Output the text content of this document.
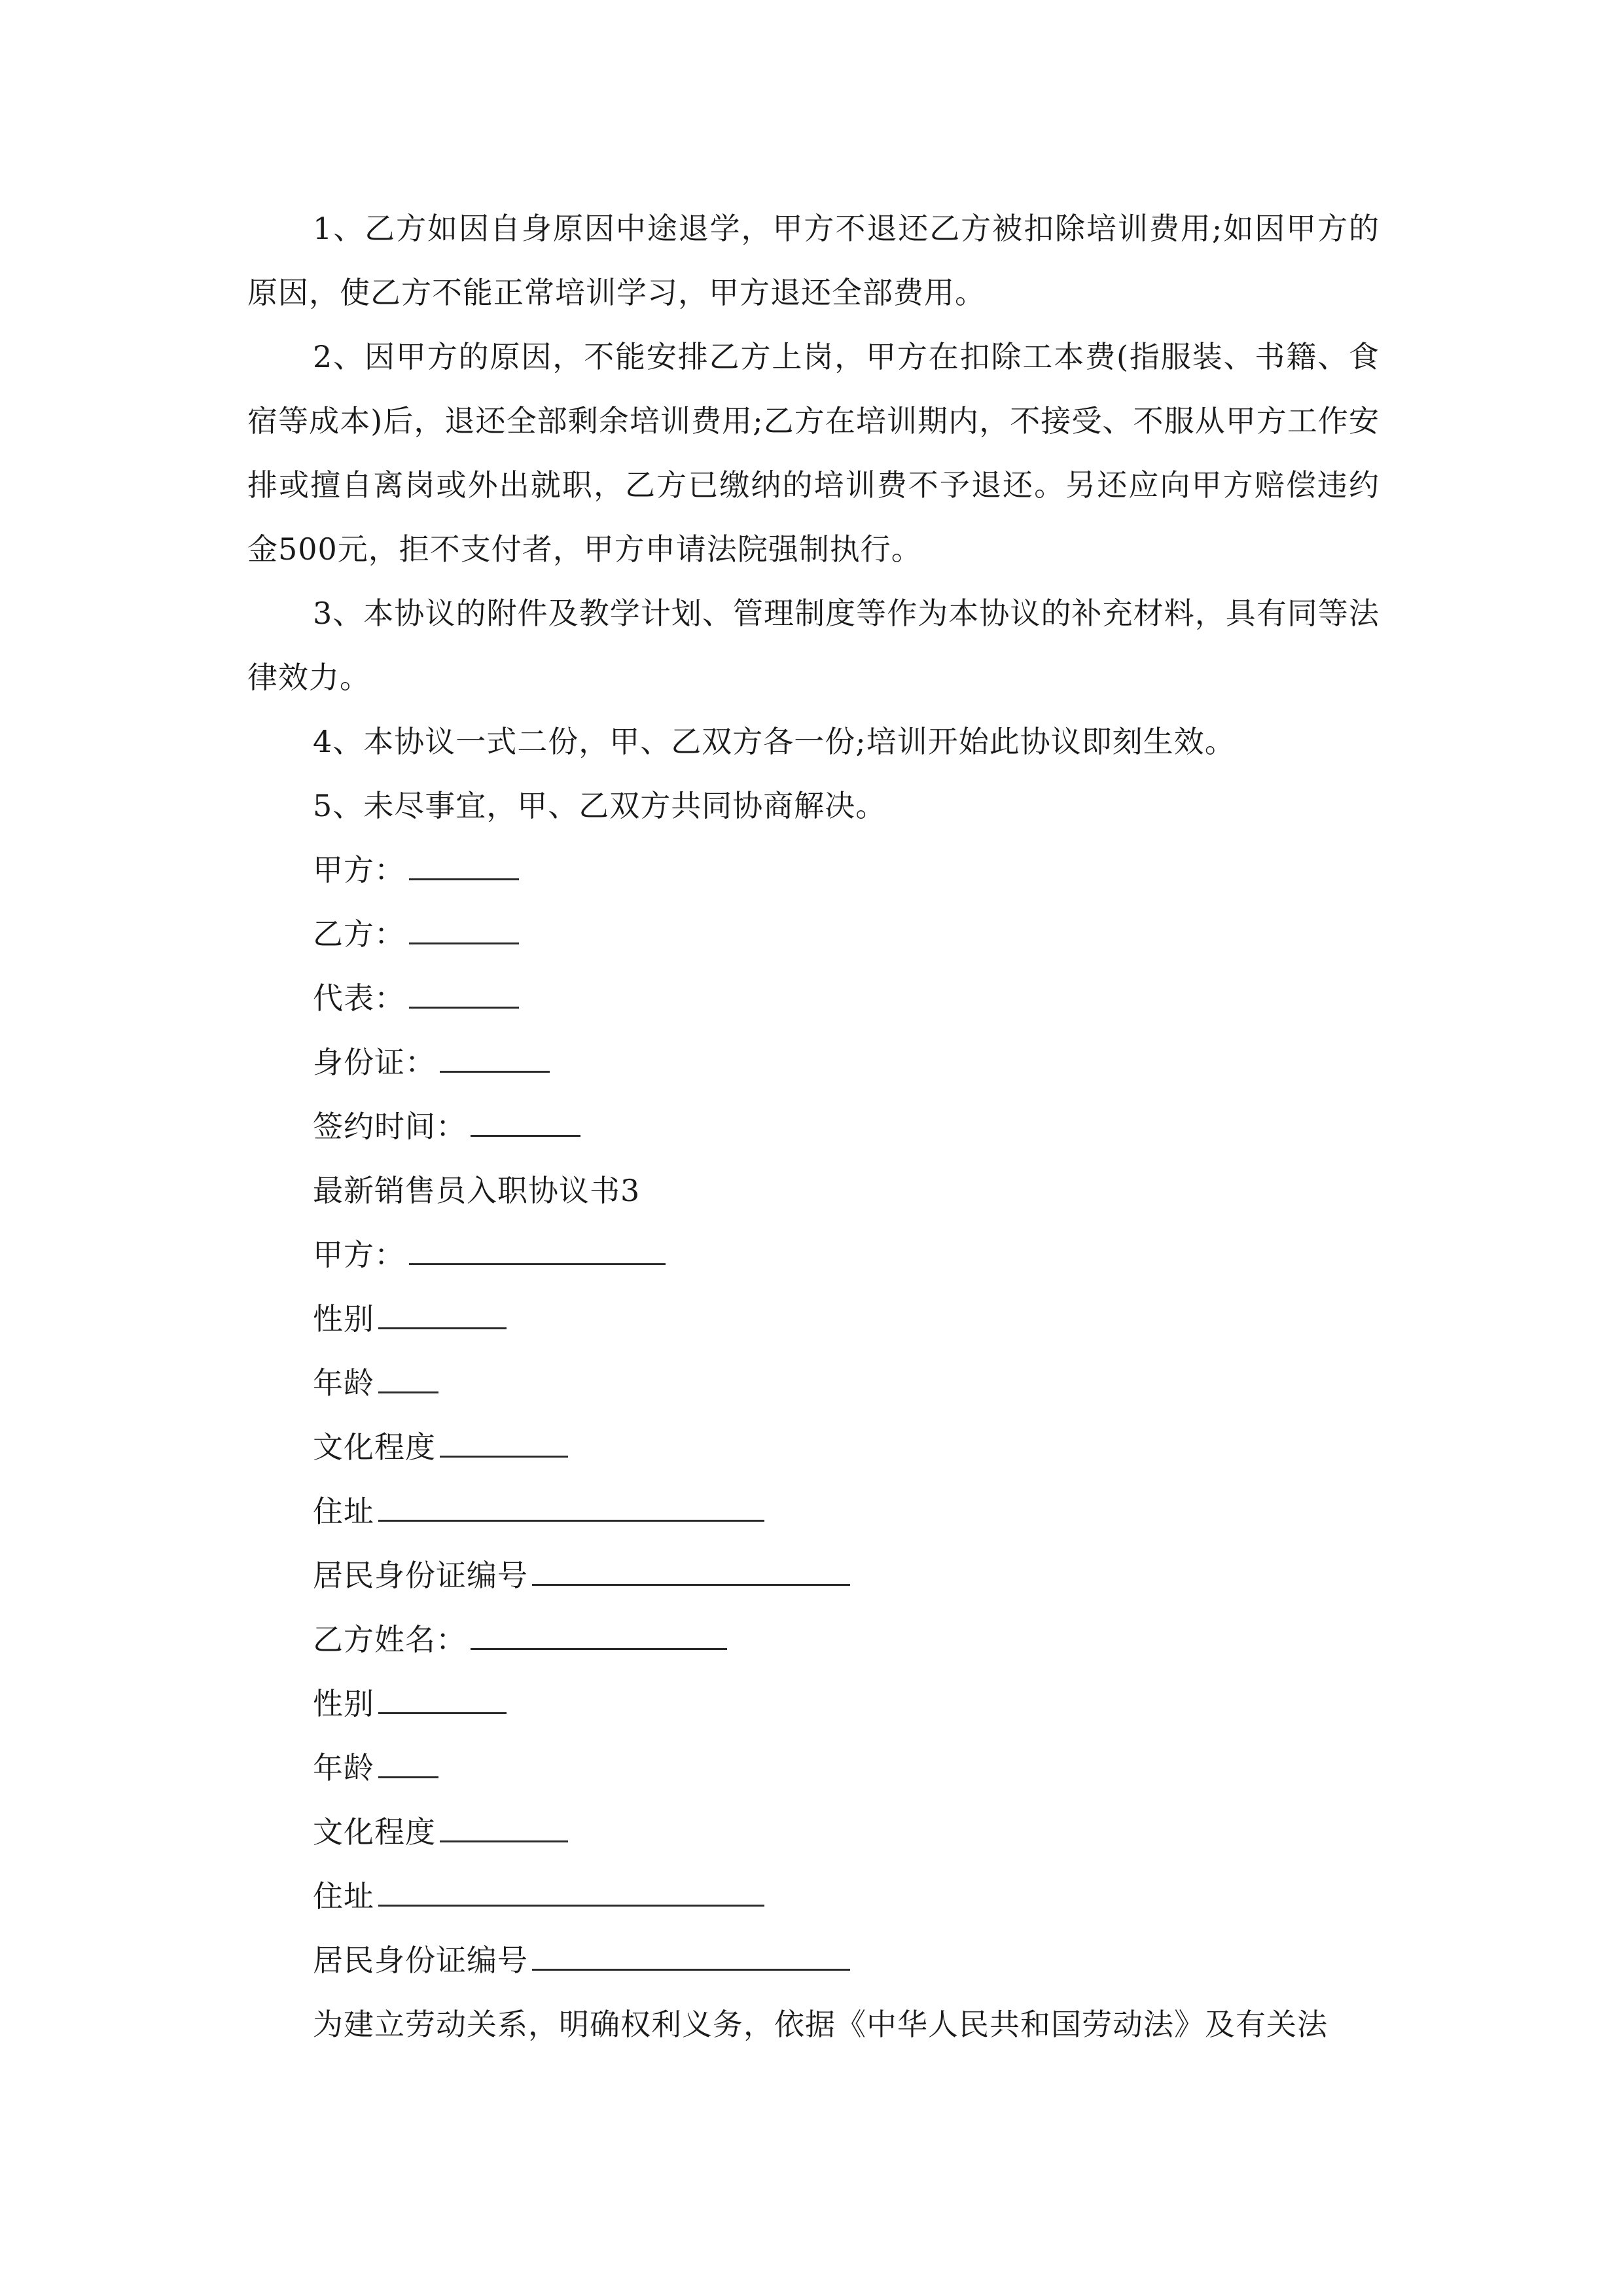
1、乙方如因自身原因中途退学，甲方不退还乙方被扣除培训费用;如因甲方的原因，使乙方不能正常培训学习，甲方退还全部费用。

2、因甲方的原因，不能安排乙方上岗，甲方在扣除工本费(指服装、书籍、食宿等成本)后，退还全部剩余培训费用;乙方在培训期内，不接受、不服从甲方工作安排或擅自离岗或外出就职，乙方已缴纳的培训费不予退还。另还应向甲方赔偿违约金500元，拒不支付者，甲方申请法院强制执行。

3、本协议的附件及教学计划、管理制度等作为本协议的补充材料，具有同等法律效力。

4、本协议一式二份，甲、乙双方各一份;培训开始此协议即刻生效。

5、未尽事宜，甲、乙双方共同协商解决。

甲方：
乙方：
代表：
身份证：
签约时间：

最新销售员入职协议书3

甲方：
性别
年龄
文化程度
住址
居民身份证编号
乙方姓名：
性别
年龄
文化程度
住址
居民身份证编号

为建立劳动关系，明确权利义务，依据《中华人民共和国劳动法》及有关法
